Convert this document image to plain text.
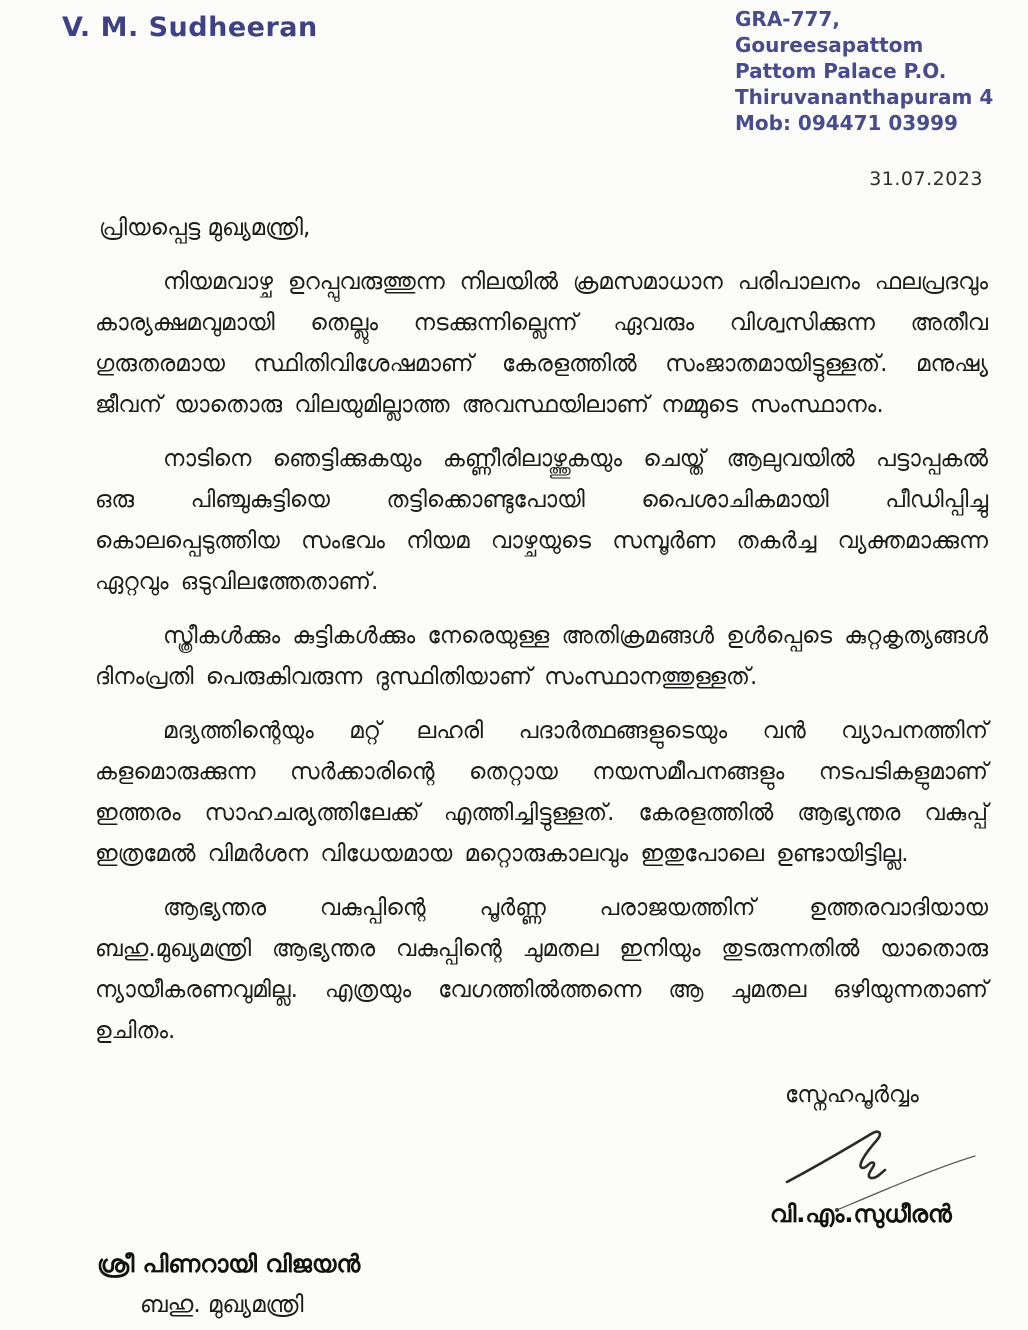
V. M. Sudheeran	GRA-777, Goureesapattom
Pattom Palace P.O.
Thiruvananthapuram 4
Mob: 094471 03999
31.07.2023
പ്രിയപ്പെട്ട മുഖ്യമന്ത്രി,

നിയമവാഴ്ച ഉറപ്പുവരുത്തുന്ന നിലയിൽ ക്രമസമാധാന പരിപാലനം ഫലപ്രദവും കാര്യക്ഷമവുമായി തെല്ലും നടക്കുന്നില്ലെന്ന് ഏവരും വിശ്വസിക്കുന്ന അതീവ ഗുരുതരമായ സ്ഥിതിവിശേഷമാണ് കേരളത്തിൽ സംജാതമായിട്ടുള്ളത്. മനുഷ്യ ജീവന് യാതൊരു വിലയുമില്ലാത്ത അവസ്ഥയിലാണ് നമ്മുടെ സംസ്ഥാനം.

നാടിനെ ഞെട്ടിക്കുകയും കണ്ണീരിലാഴ്ത്തുകയും ചെയ്ത് ആലുവയിൽ പട്ടാപ്പകൽ ഒരു പിഞ്ചുകുട്ടിയെ തട്ടിക്കൊണ്ടുപോയി പൈശാചികമായി പീഡിപ്പിച്ചു കൊലപ്പെടുത്തിയ സംഭവം നിയമ വാഴ്ചയുടെ സമ്പൂർണ തകർച്ച വ്യക്തമാക്കുന്ന ഏറ്റവും ഒടുവിലത്തേതാണ്.

സ്ത്രീകൾക്കും കുട്ടികൾക്കും നേരെയുള്ള അതിക്രമങ്ങൾ ഉൾപ്പെടെ കുറ്റകൃത്യങ്ങൾ ദിനംപ്രതി പെരുകിവരുന്ന ദുസ്ഥിതിയാണ് സംസ്ഥാനത്തുള്ളത്.

മദ്യത്തിന്റെയും മറ്റ് ലഹരി പദാർത്ഥങ്ങളുടെയും വൻ വ്യാപനത്തിന് കളമൊരുക്കുന്ന സർക്കാരിന്റെ തെറ്റായ നയസമീപനങ്ങളും നടപടികളുമാണ് ഇത്തരം സാഹചര്യത്തിലേക്ക് എത്തിച്ചിട്ടുള്ളത്. കേരളത്തിൽ ആഭ്യന്തര വകുപ്പ് ഇത്രമേൽ വിമർശന വിധേയമായ മറ്റൊരുകാലവും ഇതുപോലെ ഉണ്ടായിട്ടില്ല.

ആഭ്യന്തര വകുപ്പിന്റെ പൂർണ്ണ പരാജയത്തിന് ഉത്തരവാദിയായ ബഹു.മുഖ്യമന്ത്രി ആഭ്യന്തര വകുപ്പിന്റെ ചുമതല ഇനിയും തുടരുന്നതിൽ യാതൊരു ന്യായീകരണവുമില്ല. എത്രയും വേഗത്തിൽത്തന്നെ ആ ചുമതല ഒഴിയുന്നതാണ് ഉചിതം.

സ്നേഹപൂർവ്വം
വി.എം.സുധീരൻ
ശ്രീ പിണറായി വിജയൻ
ബഹു. മുഖ്യമന്ത്രി
